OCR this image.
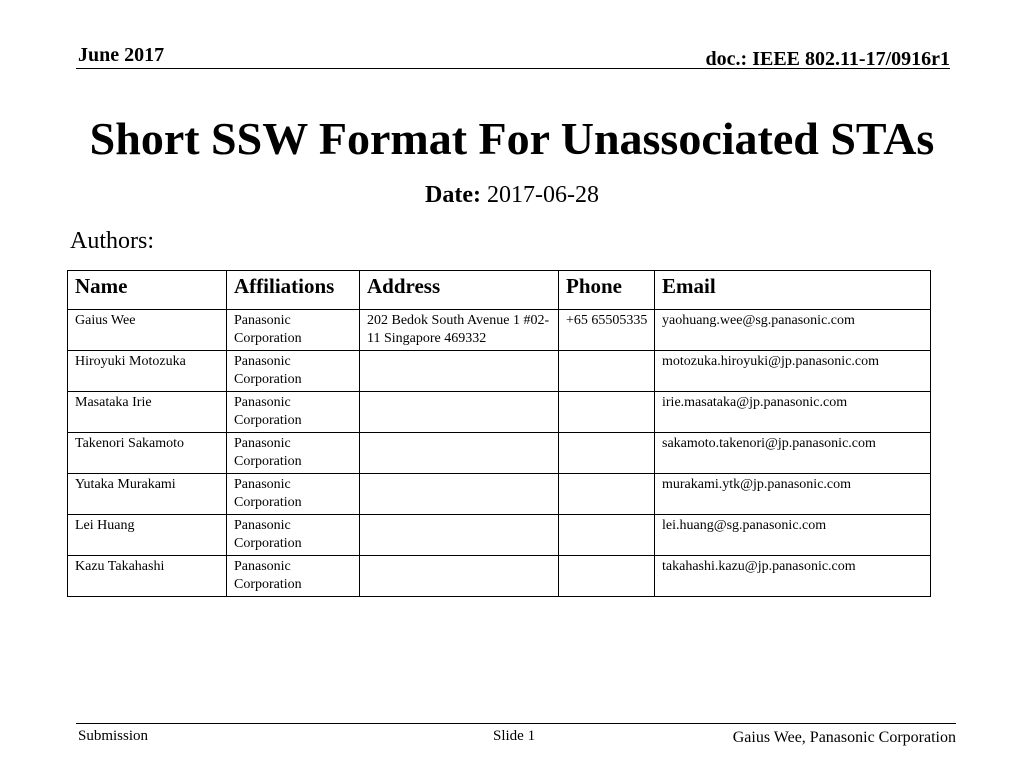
June 2017	doc.: IEEE 802.11-17/0916r1
Short SSW Format For Unassociated STAs
Date: 2017-06-28
Authors:
Name	Affiliations	Address	Phone	Email
Gaius Wee	Panasonic Corporation	202 Bedok South Avenue 1 #02-11 Singapore 469332	+65 65505335	yaohuang.wee@sg.panasonic.com
Hiroyuki Motozuka	Panasonic Corporation			motozuka.hiroyuki@jp.panasonic.com
Masataka Irie	Panasonic Corporation			irie.masataka@jp.panasonic.com
Takenori Sakamoto	Panasonic Corporation			sakamoto.takenori@jp.panasonic.com
Yutaka Murakami	Panasonic Corporation			murakami.ytk@jp.panasonic.com
Lei Huang	Panasonic Corporation			lei.huang@sg.panasonic.com
Kazu Takahashi	Panasonic Corporation			takahashi.kazu@jp.panasonic.com
Submission	Slide 1	Gaius Wee, Panasonic Corporation
